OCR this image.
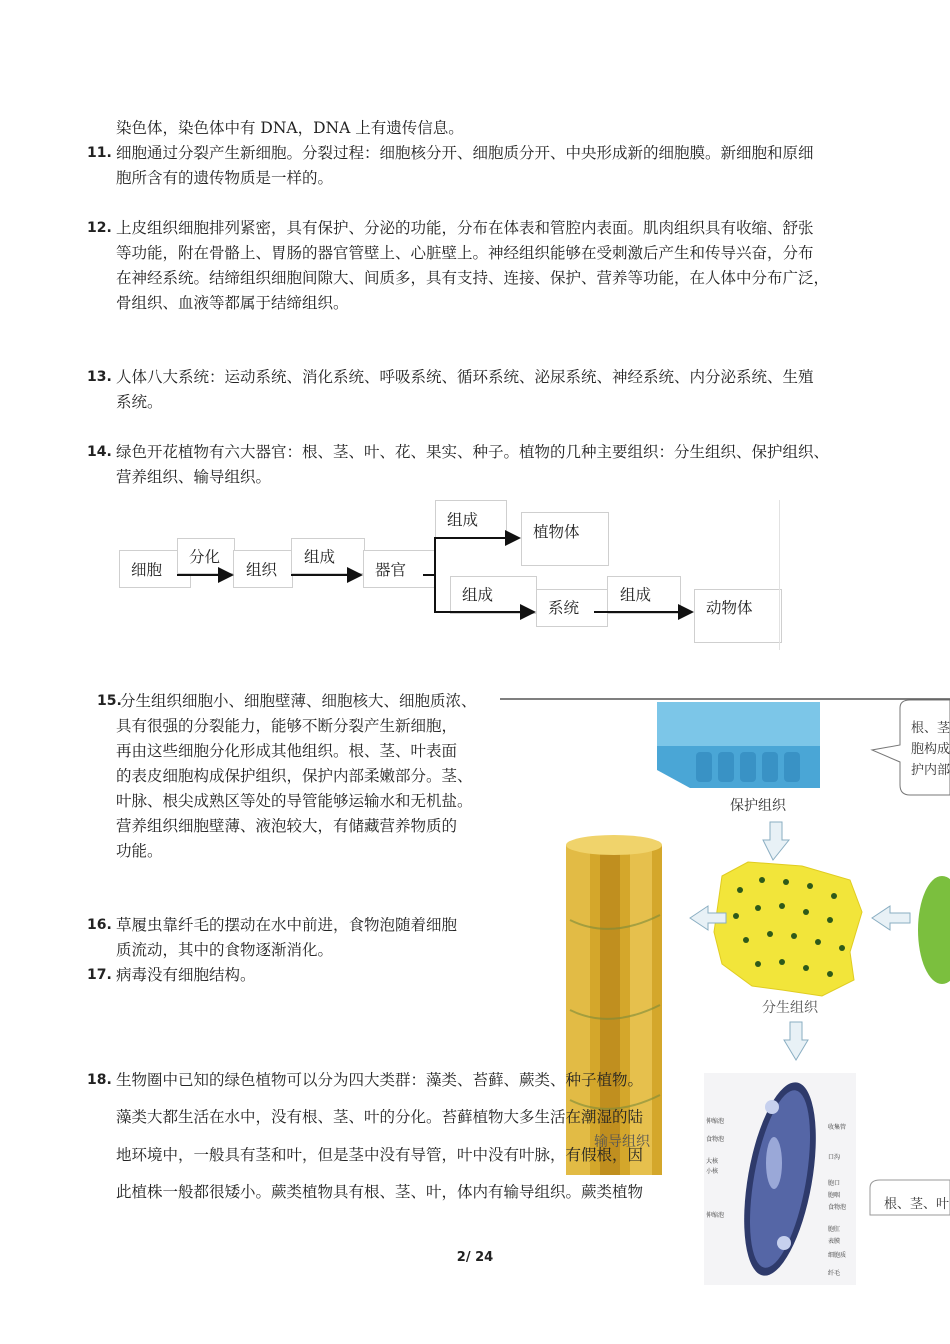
染色体，染色体中有 DNA，DNA 上有遗传信息。
11. 细胞通过分裂产生新细胞。分裂过程：细胞核分开、细胞质分开、中央形成新的细胞膜。新细胞和原细
胞所含有的遗传物质是一样的。
12. 上皮组织细胞排列紧密，具有保护、分泌的功能，分布在体表和管腔内表面。肌肉组织具有收缩、舒张
等功能，附在骨骼上、胃肠的器官管壁上、心脏壁上。神经组织能够在受刺激后产生和传导兴奋，分布
在神经系统。结缔组织细胞间隙大、间质多，具有支持、连接、保护、营养等功能，在人体中分布广泛，
骨组织、血液等都属于结缔组织。
13. 人体八大系统：运动系统、消化系统、呼吸系统、循环系统、泌尿系统、神经系统、内分泌系统、生殖
系统。
14. 绿色开花植物有六大器官：根、茎、叶、花、果实、种子。植物的几种主要组织：分生组织、保护组织、
营养组织、输导组织。
细胞
分化
组织
组成
器官
组成
植物体
组成
系统
组成
动物体
保护组织
根、茎
胞构成
护内部
输导组织
分生组织
根、茎、叶
伸缩泡
食物泡
大核
小核
伸缩泡
收集管
口沟
胞口
胞咽
食物泡
胞肛
表膜
细胞质
纤毛
15.
分生组织细胞小、细胞壁薄、细胞核大、细胞质浓、
具有很强的分裂能力，能够不断分裂产生新细胞，
再由这些细胞分化形成其他组织。根、茎、叶表面
的表皮细胞构成保护组织，保护内部柔嫩部分。茎、
叶脉、根尖成熟区等处的导管能够运输水和无机盐。
营养组织细胞壁薄、液泡较大，有储藏营养物质的
功能。
16. 草履虫靠纤毛的摆动在水中前进，食物泡随着细胞
质流动，其中的食物逐渐消化。
17. 病毒没有细胞结构。
18. 生物圈中已知的绿色植物可以分为四大类群：藻类、苔藓、蕨类、种子植物。
藻类大都生活在水中，没有根、茎、叶的分化。苔藓植物大多生活在潮湿的陆
地环境中，一般具有茎和叶，但是茎中没有导管，叶中没有叶脉，有假根，因
此植株一般都很矮小。蕨类植物具有根、茎、叶，体内有输导组织。蕨类植物
2/ 24
